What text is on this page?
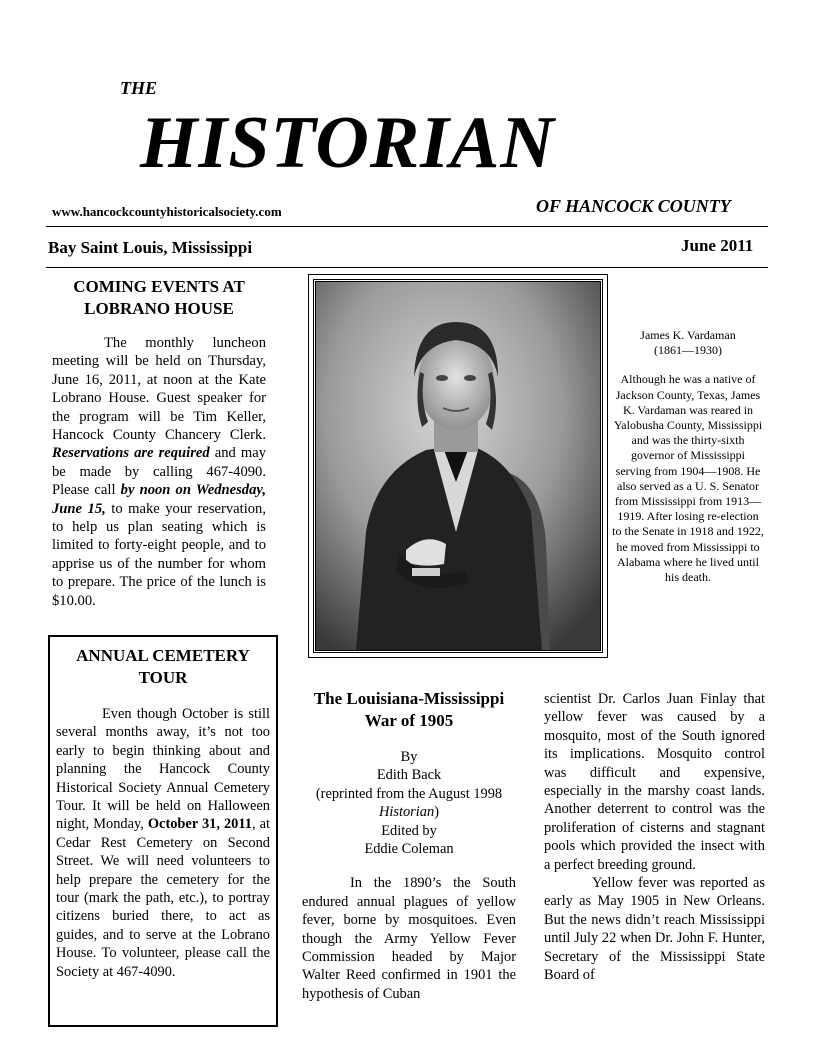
THE
HISTORIAN
www.hancockcountyhistoricalsociety.com	OF HANCOCK COUNTY
Bay Saint Louis, Mississippi	June 2011
COMING EVENTS AT
LOBRANO HOUSE

The monthly luncheon meeting will be held on Thursday, June 16, 2011, at noon at the Kate Lobrano House. Guest speaker for the program will be Tim Keller, Hancock County Chancery Clerk. Reservations are required and may be made by calling 467-4090. Please call by noon on Wednesday, June 15, to make your reservation, to help us plan seating which is limited to forty-eight people, and to apprise us of the number for whom to prepare. The price of the lunch is $10.00.

ANNUAL CEMETERY
TOUR

Even though October is still several months away, it’s not too early to begin thinking about and planning the Hancock County Historical Society Annual Cemetery Tour. It will be held on Halloween night, Monday, October 31, 2011, at Cedar Rest Cemetery on Second Street. We will need volunteers to help prepare the cemetery for the tour (mark the path, etc.), to portray citizens buried there, to act as guides, and to serve at the Lobrano House. To volunteer, please call the Society at 467-4090.

James K. Vardaman
(1861—1930)

Although he was a native of Jackson County, Texas, James K. Vardaman was reared in Yalobusha County, Mississippi and was the thirty-sixth governor of Mississippi serving from 1904—1908. He also served as a U. S. Senator from Mississippi from 1913—1919. After losing re-election to the Senate in 1918 and 1922, he moved from Mississippi to Alabama where he lived until his death.

The Louisiana-Mississippi
War of 1905
By
Edith Back
(reprinted from the August 1998
Historian)
Edited by
Eddie Coleman

In the 1890’s the South endured annual plagues of yellow fever, borne by mosquitoes. Even though the Army Yellow Fever Commission headed by Major Walter Reed confirmed in 1901 the hypothesis of Cuban

scientist Dr. Carlos Juan Finlay that yellow fever was caused by a mosquito, most of the South ignored its implications. Mosquito control was difficult and expensive, especially in the marshy coast lands. Another deterrent to control was the proliferation of cisterns and stagnant pools which provided the insect with a perfect breeding ground.

Yellow fever was reported as early as May 1905 in New Orleans. But the news didn’t reach Mississippi until July 22 when Dr. John F. Hunter, Secretary of the Mississippi State Board of
